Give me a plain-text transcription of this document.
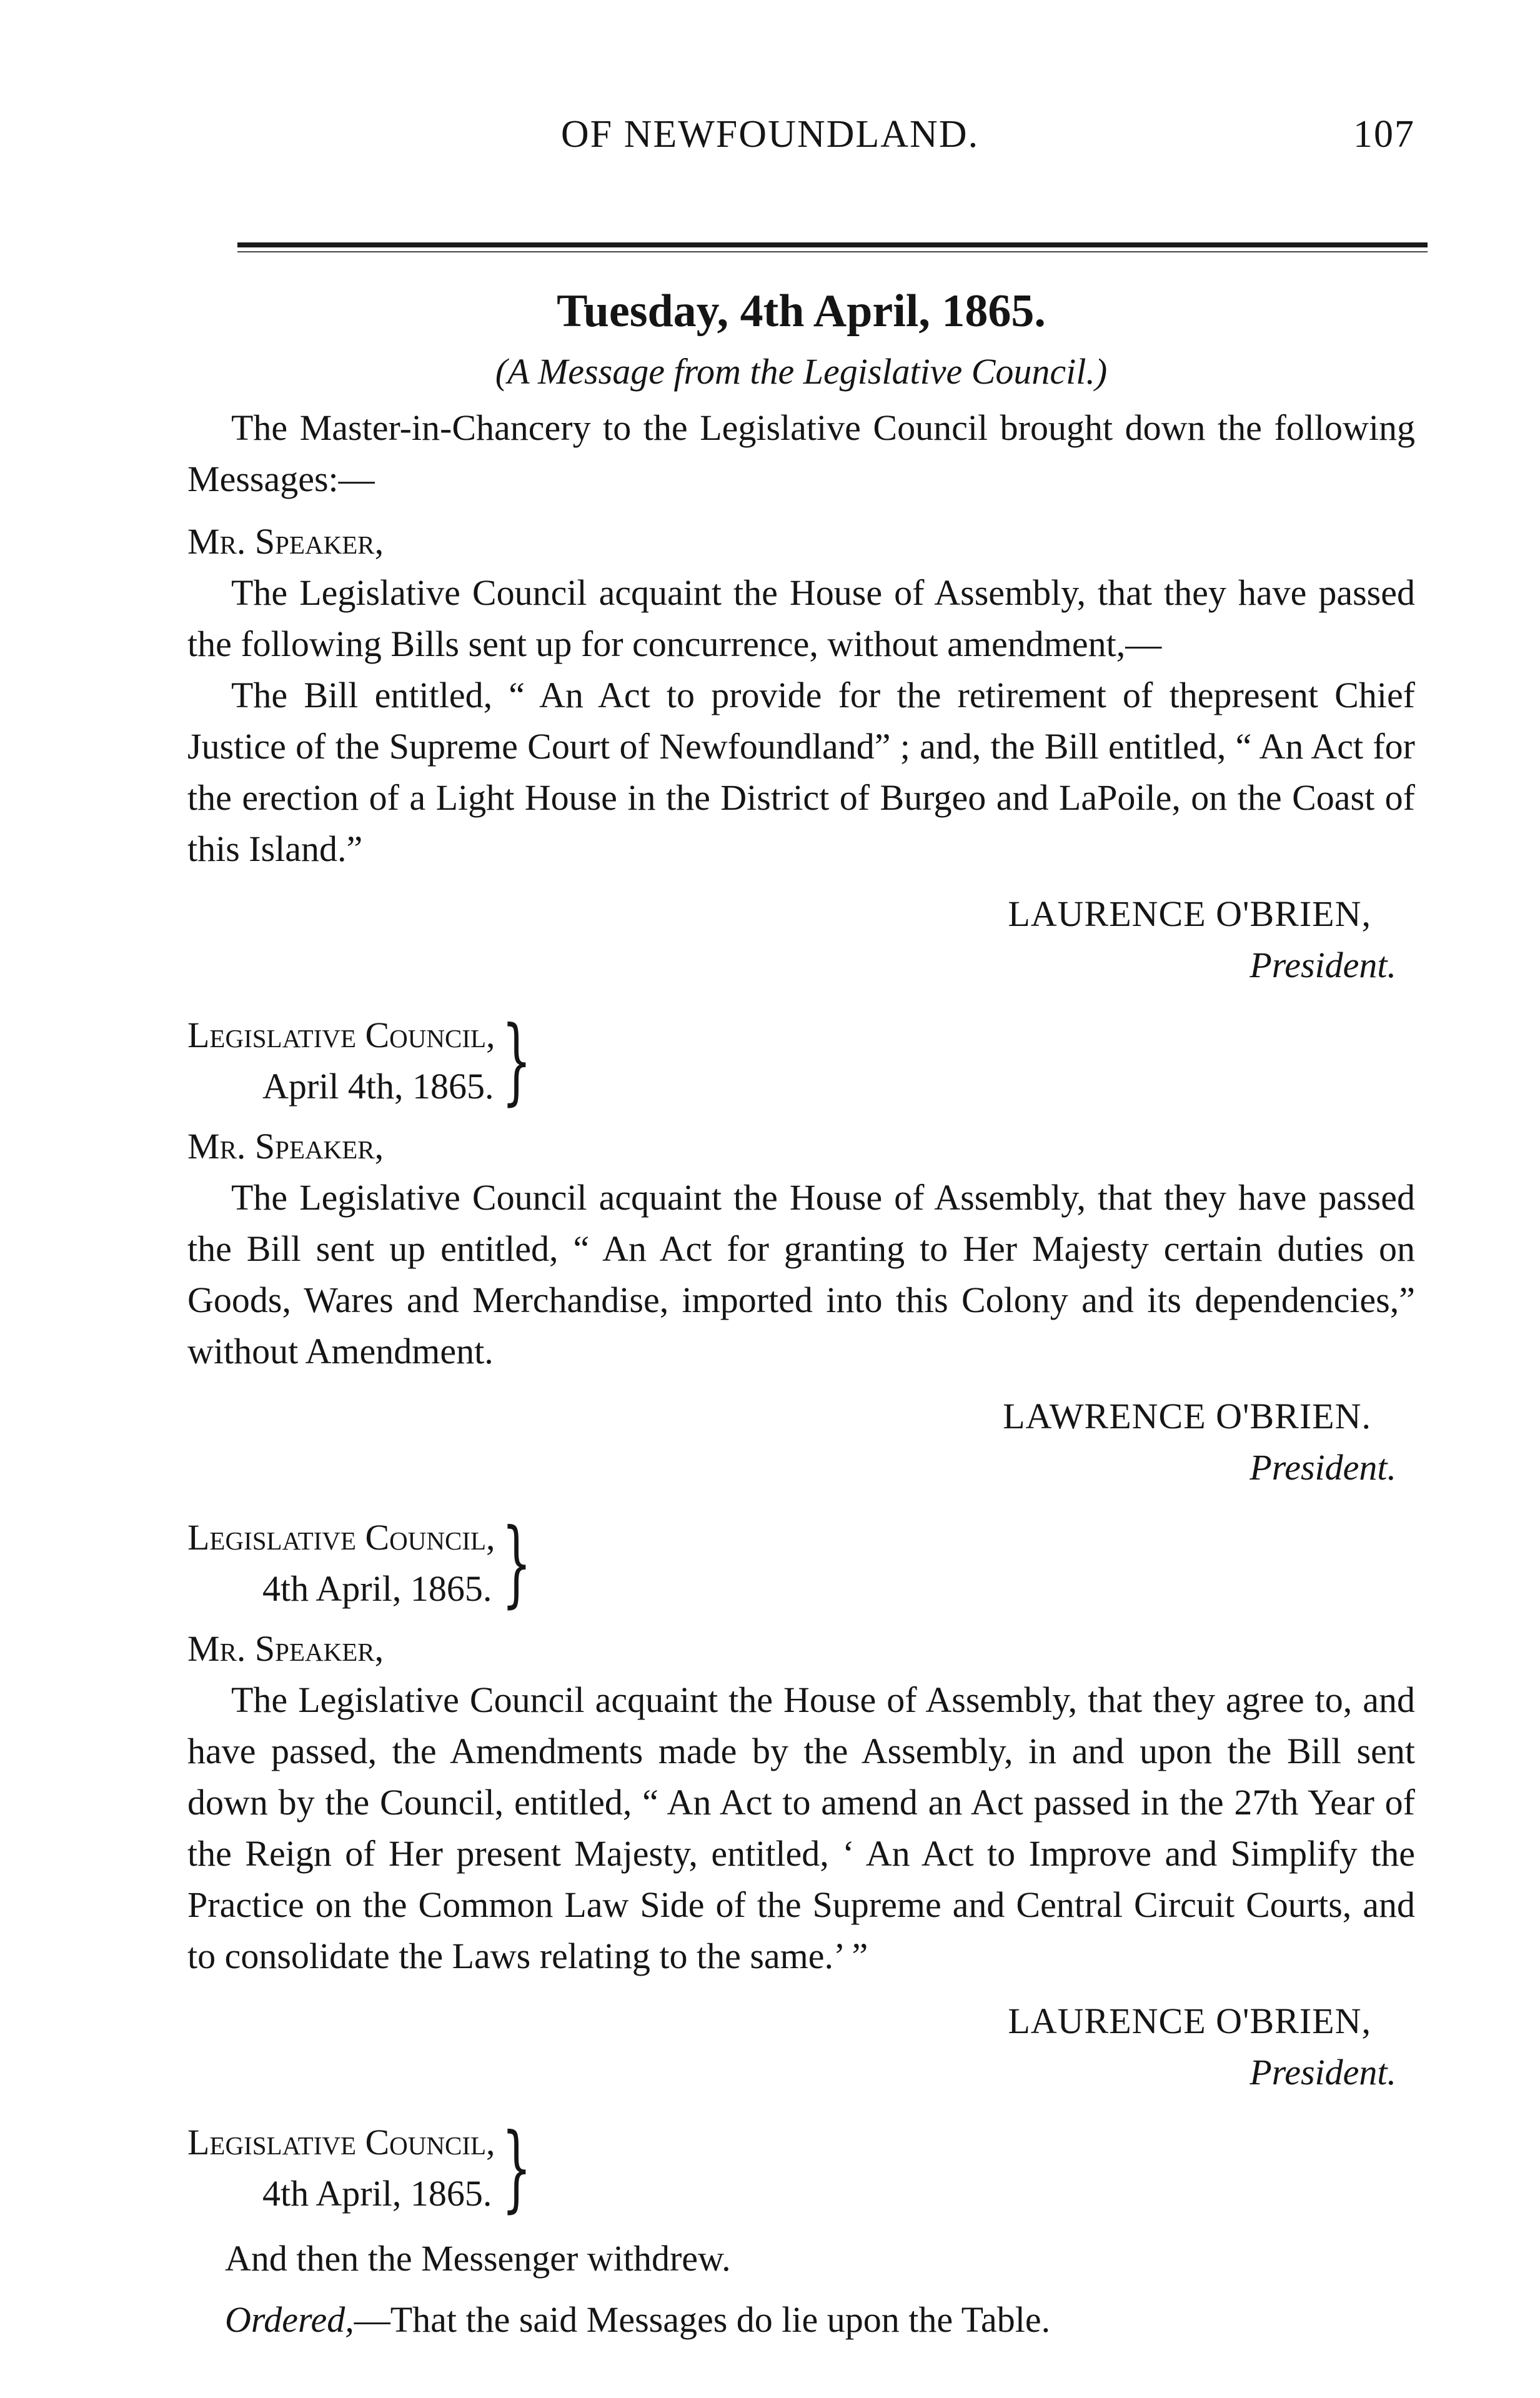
OF NEWFOUNDLAND.	107
Tuesday, 4th April, 1865.
(A Message from the Legislative Council.)

The Master-in-Chancery to the Legislative Council brought down the following Messages:—

Mr. Speaker,

The Legislative Council acquaint the House of Assembly, that they have passed the following Bills sent up for concurrence, without amendment,—

The Bill entitled, “ An Act to provide for the retirement of thepresent Chief Justice of the Supreme Court of Newfoundland” ; and, the Bill entitled, “ An Act for the erection of a Light House in the District of Burgeo and LaPoile, on the Coast of this Island.”

LAURENCE O'BRIEN,
President.
Legislative Council,
April 4th, 1865. }

Mr. Speaker,

The Legislative Council acquaint the House of Assembly, that they have passed the Bill sent up entitled, “ An Act for granting to Her Majesty certain duties on Goods, Wares and Merchandise, imported into this Colony and its dependencies,” without Amendment.

LAWRENCE O'BRIEN.
President.
Legislative Council,
4th April, 1865. }

Mr. Speaker,

The Legislative Council acquaint the House of Assembly, that they agree to, and have passed, the Amendments made by the Assembly, in and upon the Bill sent down by the Council, entitled, “ An Act to amend an Act passed in the 27th Year of the Reign of Her present Majesty, entitled, ‘ An Act to Improve and Simplify the Practice on the Common Law Side of the Supreme and Central Circuit Courts, and to consolidate the Laws relating to the same.’ ”

LAURENCE O'BRIEN,
President.
Legislative Council,
4th April, 1865. }

And then the Messenger withdrew.

Ordered,—That the said Messages do lie upon the Table.
